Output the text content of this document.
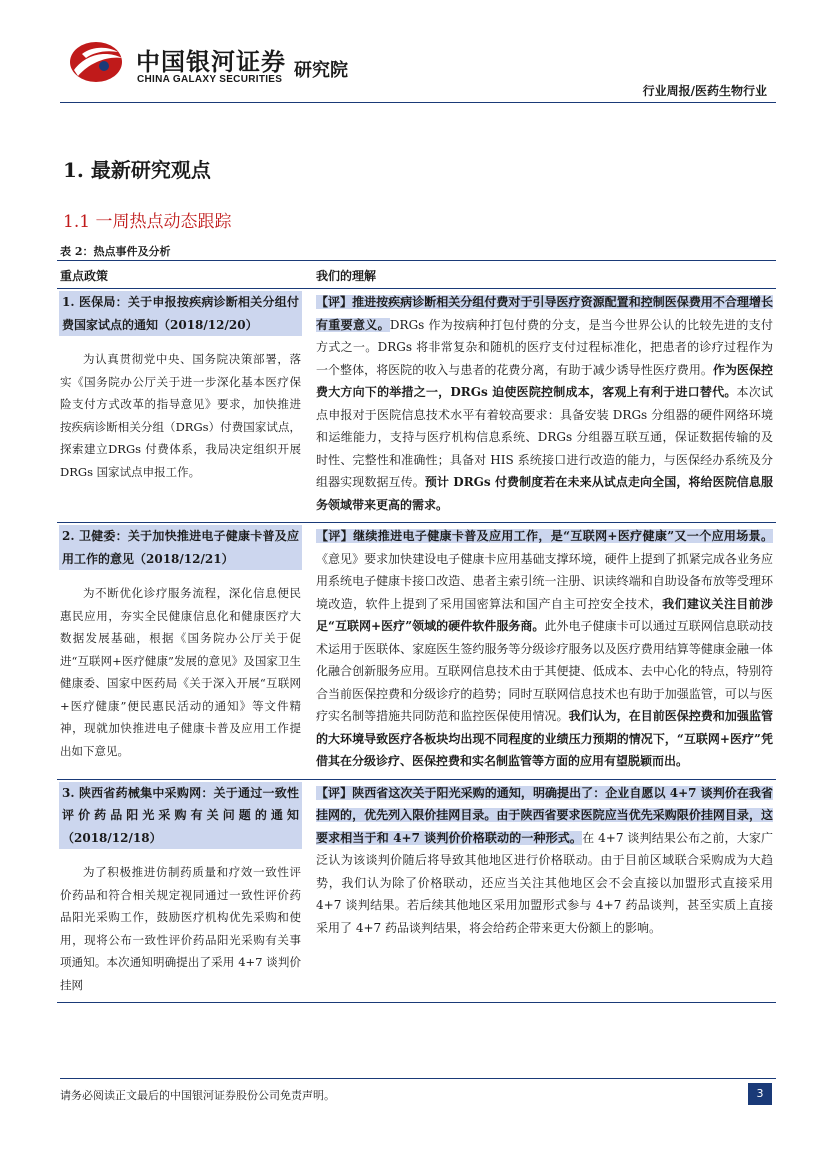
中国银河证券
CHINA GALAXY SECURITIES 研究院
行业周报/医药生物行业
1. 最新研究观点
1.1 一周热点动态跟踪
表 2：热点事件及分析
重点政策	我们的理解

1. 医保局：关于申报按疾病诊断相关分组付费国家试点的通知（2018/12/20）
为认真贯彻党中央、国务院决策部署，落实《国务院办公厅关于进一步深化基本医疗保险支付方式改革的指导意见》要求，加快推进按疾病诊断相关分组（DRGs）付费国家试点，探索建立DRGs 付费体系，我局决定组织开展DRGs 国家试点申报工作。	【评】推进按疾病诊断相关分组付费对于引导医疗资源配置和控制医保费用不合理增长有重要意义。DRGs 作为按病种打包付费的分支，是当今世界公认的比较先进的支付方式之一。DRGs 将非常复杂和随机的医疗支付过程标准化，把患者的诊疗过程作为一个整体，将医院的收入与患者的花费分离，有助于减少诱导性医疗费用。作为医保控费大方向下的举措之一，DRGs 迫使医院控制成本，客观上有利于进口替代。本次试点申报对于医院信息技术水平有着较高要求：具备安装 DRGs 分组器的硬件网络环境和运维能力，支持与医疗机构信息系统、DRGs 分组器互联互通，保证数据传输的及时性、完整性和准确性；具备对 HIS 系统接口进行改造的能力，与医保经办系统及分组器实现数据互传。预计 DRGs 付费制度若在未来从试点走向全国，将给医院信息服务领域带来更高的需求。

2. 卫健委：关于加快推进电子健康卡普及应用工作的意见（2018/12/21）
为不断优化诊疗服务流程，深化信息便民惠民应用，夯实全民健康信息化和健康医疗大数据发展基础，根据《国务院办公厅关于促进“互联网+医疗健康”发展的意见》及国家卫生健康委、国家中医药局《关于深入开展“互联网+医疗健康”便民惠民活动的通知》等文件精神，现就加快推进电子健康卡普及应用工作提出如下意见。	【评】继续推进电子健康卡普及应用工作，是“互联网+医疗健康”又一个应用场景。《意见》要求加快建设电子健康卡应用基础支撑环境，硬件上提到了抓紧完成各业务应用系统电子健康卡接口改造、患者主索引统一注册、识读终端和自助设备布放等受理环境改造，软件上提到了采用国密算法和国产自主可控安全技术，我们建议关注目前涉足“互联网+医疗”领域的硬件软件服务商。此外电子健康卡可以通过互联网信息联动技术运用于医联体、家庭医生签约服务等分级诊疗服务以及医疗费用结算等健康金融一体化融合创新服务应用。互联网信息技术由于其便捷、低成本、去中心化的特点，特别符合当前医保控费和分级诊疗的趋势；同时互联网信息技术也有助于加强监管，可以与医疗实名制等措施共同防范和监控医保使用情况。我们认为，在目前医保控费和加强监管的大环境导致医疗各板块均出现不同程度的业绩压力预期的情况下，“互联网+医疗”凭借其在分级诊疗、医保控费和实名制监管等方面的应用有望脱颖而出。

3. 陕西省药械集中采购网：关于通过一致性评价药品阳光采购有关问题的通知（2018/12/18）
为了积极推进仿制药质量和疗效一致性评价药品和符合相关规定视同通过一致性评价药品阳光采购工作，鼓励医疗机构优先采购和使用，现将公布一致性评价药品阳光采购有关事项通知。本次通知明确提出了采用 4+7 谈判价挂网	【评】陕西省这次关于阳光采购的通知，明确提出了：企业自愿以 4+7 谈判价在我省挂网的，优先列入限价挂网目录。由于陕西省要求医院应当优先采购限价挂网目录，这要求相当于和 4+7 谈判价价格联动的一种形式。在 4+7 谈判结果公布之前，大家广泛认为该谈判价随后将导致其他地区进行价格联动。由于目前区域联合采购成为大趋势，我们认为除了价格联动，还应当关注其他地区会不会直接以加盟形式直接采用 4+7 谈判结果。若后续其他地区采用加盟形式参与 4+7 药品谈判，甚至实质上直接采用了 4+7 药品谈判结果，将会给药企带来更大份额上的影响。
请务必阅读正文最后的中国银河证券股份公司免责声明。	3
